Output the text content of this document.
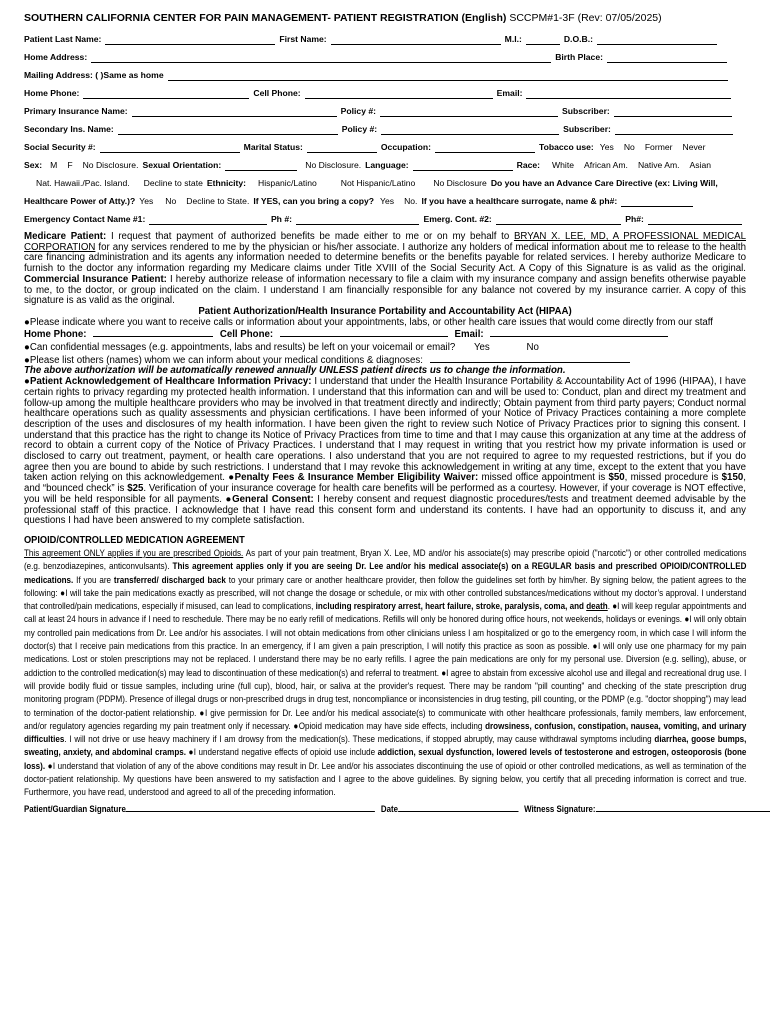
SOUTHERN CALIFORNIA CENTER FOR PAIN MANAGEMENT- PATIENT REGISTRATION (English) SCCPM#1-3F (Rev: 07/05/2025)
Patient Last Name:	First Name:	M.I.:	D.O.B.:
Home Address:	Birth Place:
Mailing Address: ( )Same as home
Home Phone:	Cell Phone:	Email:
Primary Insurance Name:	Policy #:	Subscriber:
Secondary Ins. Name:	Policy #:	Subscriber:
Social Security #:	Marital Status:	Occupation:	Tobacco use: Yes No Former Never
Sex: M F No Disclosure. Sexual Orientation:	No Disclosure. Language:	Race: White African Am. Native Am. Asian
Nat. Hawaii./Pac. Island. Decline to state Ethnicity: Hispanic/Latino	Not Hispanic/Latino No Disclosure Do you have an Advance Care Directive (ex: Living Will,
Healthcare Power of Atty.)? Yes No Decline to State. If YES, can you bring a copy? Yes No. If you have a healthcare surrogate, name & ph#:
Emergency Contact Name #1:	Ph #:	Emerg. Cont. #2:	Ph#:
Medicare Patient: I request that payment of authorized benefits be made either to me or on my behalf to BRYAN X. LEE, MD, A PROFESSIONAL MEDICAL CORPORATION for any services rendered to me by the physician or his/her associate. I authorize any holders of medical information about me to release to the health care financing administration and its agents any information needed to determine benefits or the benefits payable for related services. I hereby authorize Medicare to furnish to the doctor any information regarding my Medicare claims under Title XVIII of the Social Security Act. A Copy of this Signature is as valid as the original. Commercial Insurance Patient: I hereby authorize release of information necessary to file a claim with my insurance company and assign benefits otherwise payable to me, to the doctor, or group indicated on the claim. I understand I am financially responsible for any balance not covered by my insurance carrier. A copy of this signature is as valid as the original.
Patient Authorization/Health Insurance Portability and Accountability Act (HIPAA)
●Please indicate where you want to receive calls or information about your appointments, labs, or other health care issues that would come directly from our staff
Home Phone:	Cell Phone:	Email:
●Can confidential messages (e.g. appointments, labs and results) be left on your voicemail or email? Yes	No
●Please list others (names) whom we can inform about your medical conditions & diagnoses:
The above authorization will be automatically renewed annually UNLESS patient directs us to change the information.
●Patient Acknowledgement of Healthcare Information Privacy: I understand that under the Health Insurance Portability & Accountability Act of 1996 (HIPAA), I have certain rights to privacy regarding my protected health information. I understand that this information can and will be used to: Conduct, plan and direct my treatment and follow-up among the multiple healthcare providers who may be involved in that treatment directly and indirectly; Obtain payment from third party payers; Conduct normal healthcare operations such as quality assessments and physician certifications. I have been informed of your Notice of Privacy Practices containing a more complete description of the uses and disclosures of my health information. I have been given the right to review such Notice of Privacy Practices prior to signing this consent. I understand that this practice has the right to change its Notice of Privacy Practices from time to time and that I may cause this organization at any time at the address of record to obtain a current copy of the Notice of Privacy Practices. I understand that I may request in writing that you restrict how my private information is used or disclosed to carry out treatment, payment, or health care operations. I also understand that you are not required to agree to my requested restrictions, but if you do agree then you are bound to abide by such restrictions. I understand that I may revoke this acknowledgement in writing at any time, except to the extent that you have taken action relying on this acknowledgement. ●Penalty Fees & Insurance Member Eligibility Waiver: missed office appointment is $50, missed procedure is $150, and “bounced check” is $25. Verification of your insurance coverage for health care benefits will be performed as a courtesy. However, if your coverage is NOT effective, you will be held responsible for all payments. ●General Consent: I hereby consent and request diagnostic procedures/tests and treatment deemed advisable by the professional staff of this practice. I acknowledge that I have read this consent form and understand its contents. I have had an opportunity to discuss it, and any questions I had have been answered to my complete satisfaction.
OPIOID/CONTROLLED MEDICATION AGREEMENT
This agreement ONLY applies if you are prescribed Opioids. As part of your pain treatment, Bryan X. Lee, MD and/or his associate(s) may prescribe opioid ("narcotic") or other controlled medications (e.g. benzodiazepines, anticonvulsants). This agreement applies only if you are seeing Dr. Lee and/or his medical associate(s) on a REGULAR basis and prescribed OPIOID/CONTROLLED medications. If you are transferred/ discharged back to your primary care or another healthcare provider, then follow the guidelines set forth by him/her. By signing below, the patient agrees to the following: ●I will take the pain medications exactly as prescribed, will not change the dosage or schedule, or mix with other controlled substances/medications without my doctor’s approval. I understand that controlled/pain medications, especially if misused, can lead to complications, including respiratory arrest, heart failure, stroke, paralysis, coma, and death. ●I will keep regular appointments and call at least 24 hours in advance if I need to reschedule. There may be no early refill of medications. Refills will only be honored during office hours, not weekends, holidays or evenings. ●I will only obtain my controlled pain medications from Dr. Lee and/or his associates. I will not obtain medications from other clinicians unless I am hospitalized or go to the emergency room, in which case I will inform the doctor(s) that I receive pain medications from this practice. In an emergency, if I am given a pain prescription, I will notify this practice as soon as possible. ●I will only use one pharmacy for my pain medications. Lost or stolen prescriptions may not be replaced. I understand there may be no early refills. I agree the pain medications are only for my personal use. Diversion (e.g. selling), abuse, or addiction to the controlled medication(s) may lead to discontinuation of these medication(s) and referral to treatment. ●I agree to abstain from excessive alcohol use and illegal and recreational drug use. I will provide bodily fluid or tissue samples, including urine (full cup), blood, hair, or saliva at the provider's request. There may be random "pill counting" and checking of the state prescription drug monitoring program (PDPM). Presence of illegal drugs or non-prescribed drugs in drug test, noncompliance or inconsistencies in drug testing, pill counting, or the PDMP (e.g. "doctor shopping") may lead to termination of the doctor-patient relationship. ●I give permission for Dr. Lee and/or his medical associate(s) to communicate with other healthcare professionals, family members, law enforcement, and/or regulatory agencies regarding my pain treatment only if necessary. ●Opioid medication may have side effects, including drowsiness, confusion, constipation, nausea, vomiting, and urinary difficulties. I will not drive or use heavy machinery if I am drowsy from the medication(s). These medications, if stopped abruptly, may cause withdrawal symptoms including diarrhea, goose bumps, sweating, anxiety, and abdominal cramps. ●I understand negative effects of opioid use include addiction, sexual dysfunction, lowered levels of testosterone and estrogen, osteoporosis (bone loss). ●I understand that violation of any of the above conditions may result in Dr. Lee and/or his associates discontinuing the use of opioid or other controlled medications, as well as termination of the doctor-patient relationship. My questions have been answered to my satisfaction and I agree to the above guidelines. By signing below, you certify that all preceding information is correct and true. Furthermore, you have read, understood and agreed to all of the preceding information.
Patient/Guardian Signature	Date	Witness Signature:
